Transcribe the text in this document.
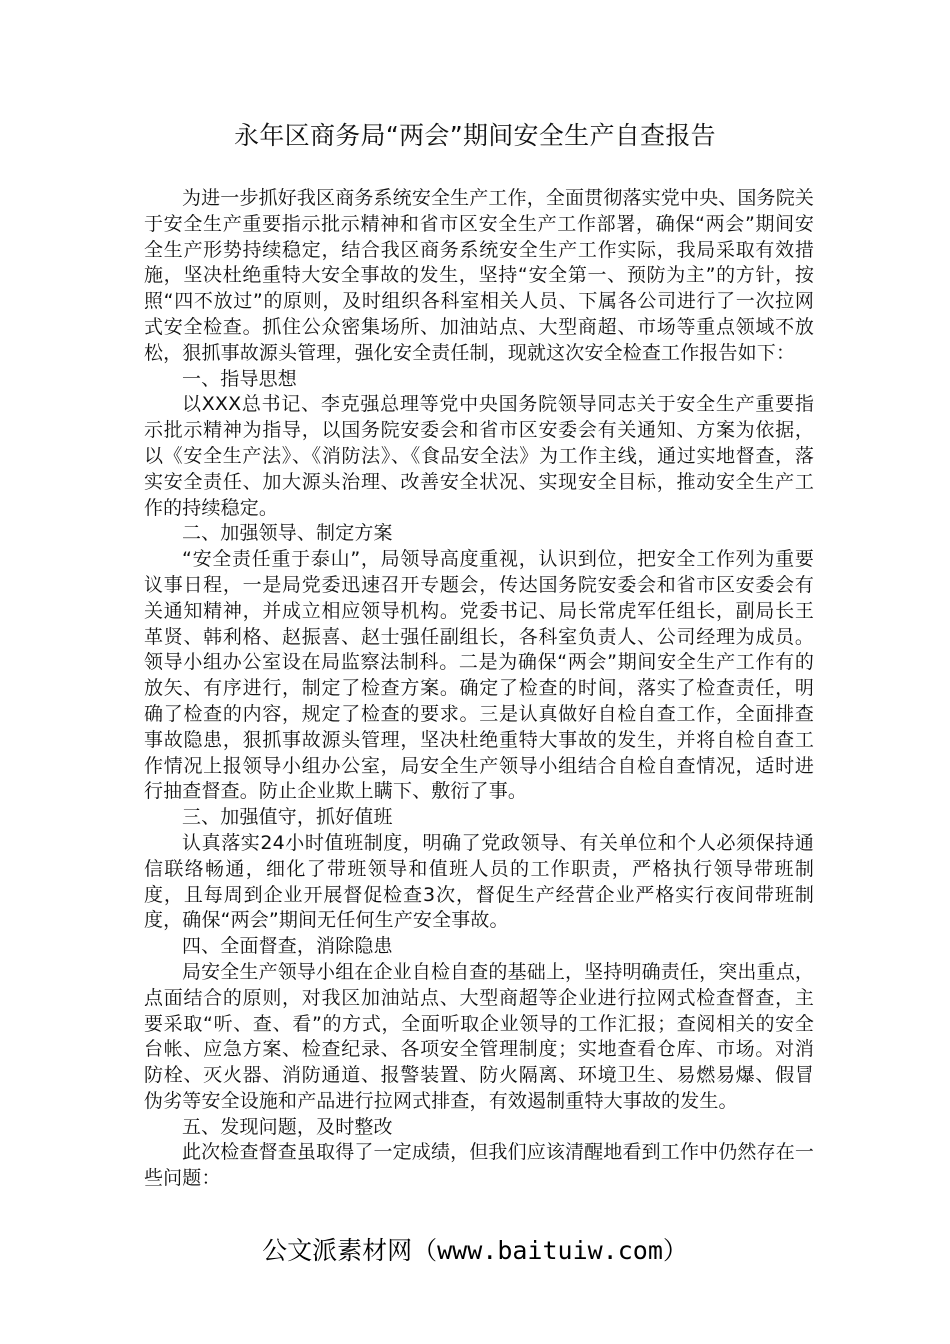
永年区商务局“两会”期间安全生产自查报告

为进一步抓好我区商务系统安全生产工作，全面贯彻落实党中央、国务院关于安全生产重要指示批示精神和省市区安全生产工作部署，确保“两会”期间安全生产形势持续稳定，结合我区商务系统安全生产工作实际，我局采取有效措施，坚决杜绝重特大安全事故的发生，坚持“安全第一、预防为主”的方针，按照“四不放过”的原则，及时组织各科室相关人员、下属各公司进行了一次拉网式安全检查。抓住公众密集场所、加油站点、大型商超、市场等重点领域不放松，狠抓事故源头管理，强化安全责任制，现就这次安全检查工作报告如下：

一、指导思想

以XXX总书记、李克强总理等党中央国务院领导同志关于安全生产重要指示批示精神为指导，以国务院安委会和省市区安委会有关通知、方案为依据，以《安全生产法》、《消防法》、《食品安全法》为工作主线，通过实地督查，落实安全责任、加大源头治理、改善安全状况、实现安全目标，推动安全生产工作的持续稳定。

二、加强领导、制定方案

“安全责任重于泰山”，局领导高度重视，认识到位，把安全工作列为重要议事日程，一是局党委迅速召开专题会，传达国务院安委会和省市区安委会有关通知精神，并成立相应领导机构。党委书记、局长常虎军任组长，副局长王革贤、韩利格、赵振喜、赵士强任副组长，各科室负责人、公司经理为成员。领导小组办公室设在局监察法制科。二是为确保“两会”期间安全生产工作有的放矢、有序进行，制定了检查方案。确定了检查的时间，落实了检查责任，明确了检查的内容，规定了检查的要求。三是认真做好自检自查工作，全面排查事故隐患，狠抓事故源头管理，坚决杜绝重特大事故的发生，并将自检自查工作情况上报领导小组办公室，局安全生产领导小组结合自检自查情况，适时进行抽查督查。防止企业欺上瞒下、敷衍了事。

三、加强值守，抓好值班

认真落实24小时值班制度，明确了党政领导、有关单位和个人必须保持通信联络畅通，细化了带班领导和值班人员的工作职责，严格执行领导带班制度，且每周到企业开展督促检查3次，督促生产经营企业严格实行夜间带班制度，确保“两会”期间无任何生产安全事故。

四、全面督查，消除隐患

局安全生产领导小组在企业自检自查的基础上，坚持明确责任，突出重点，点面结合的原则，对我区加油站点、大型商超等企业进行拉网式检查督查，主要采取“听、查、看”的方式，全面听取企业领导的工作汇报；查阅相关的安全台帐、应急方案、检查纪录、各项安全管理制度；实地查看仓库、市场。对消防栓、灭火器、消防通道、报警装置、防火隔离、环境卫生、易燃易爆、假冒伪劣等安全设施和产品进行拉网式排查，有效遏制重特大事故的发生。

五、发现问题，及时整改

此次检查督查虽取得了一定成绩，但我们应该清醒地看到工作中仍然存在一些问题：

公文派素材网（www.baituiw.com）
